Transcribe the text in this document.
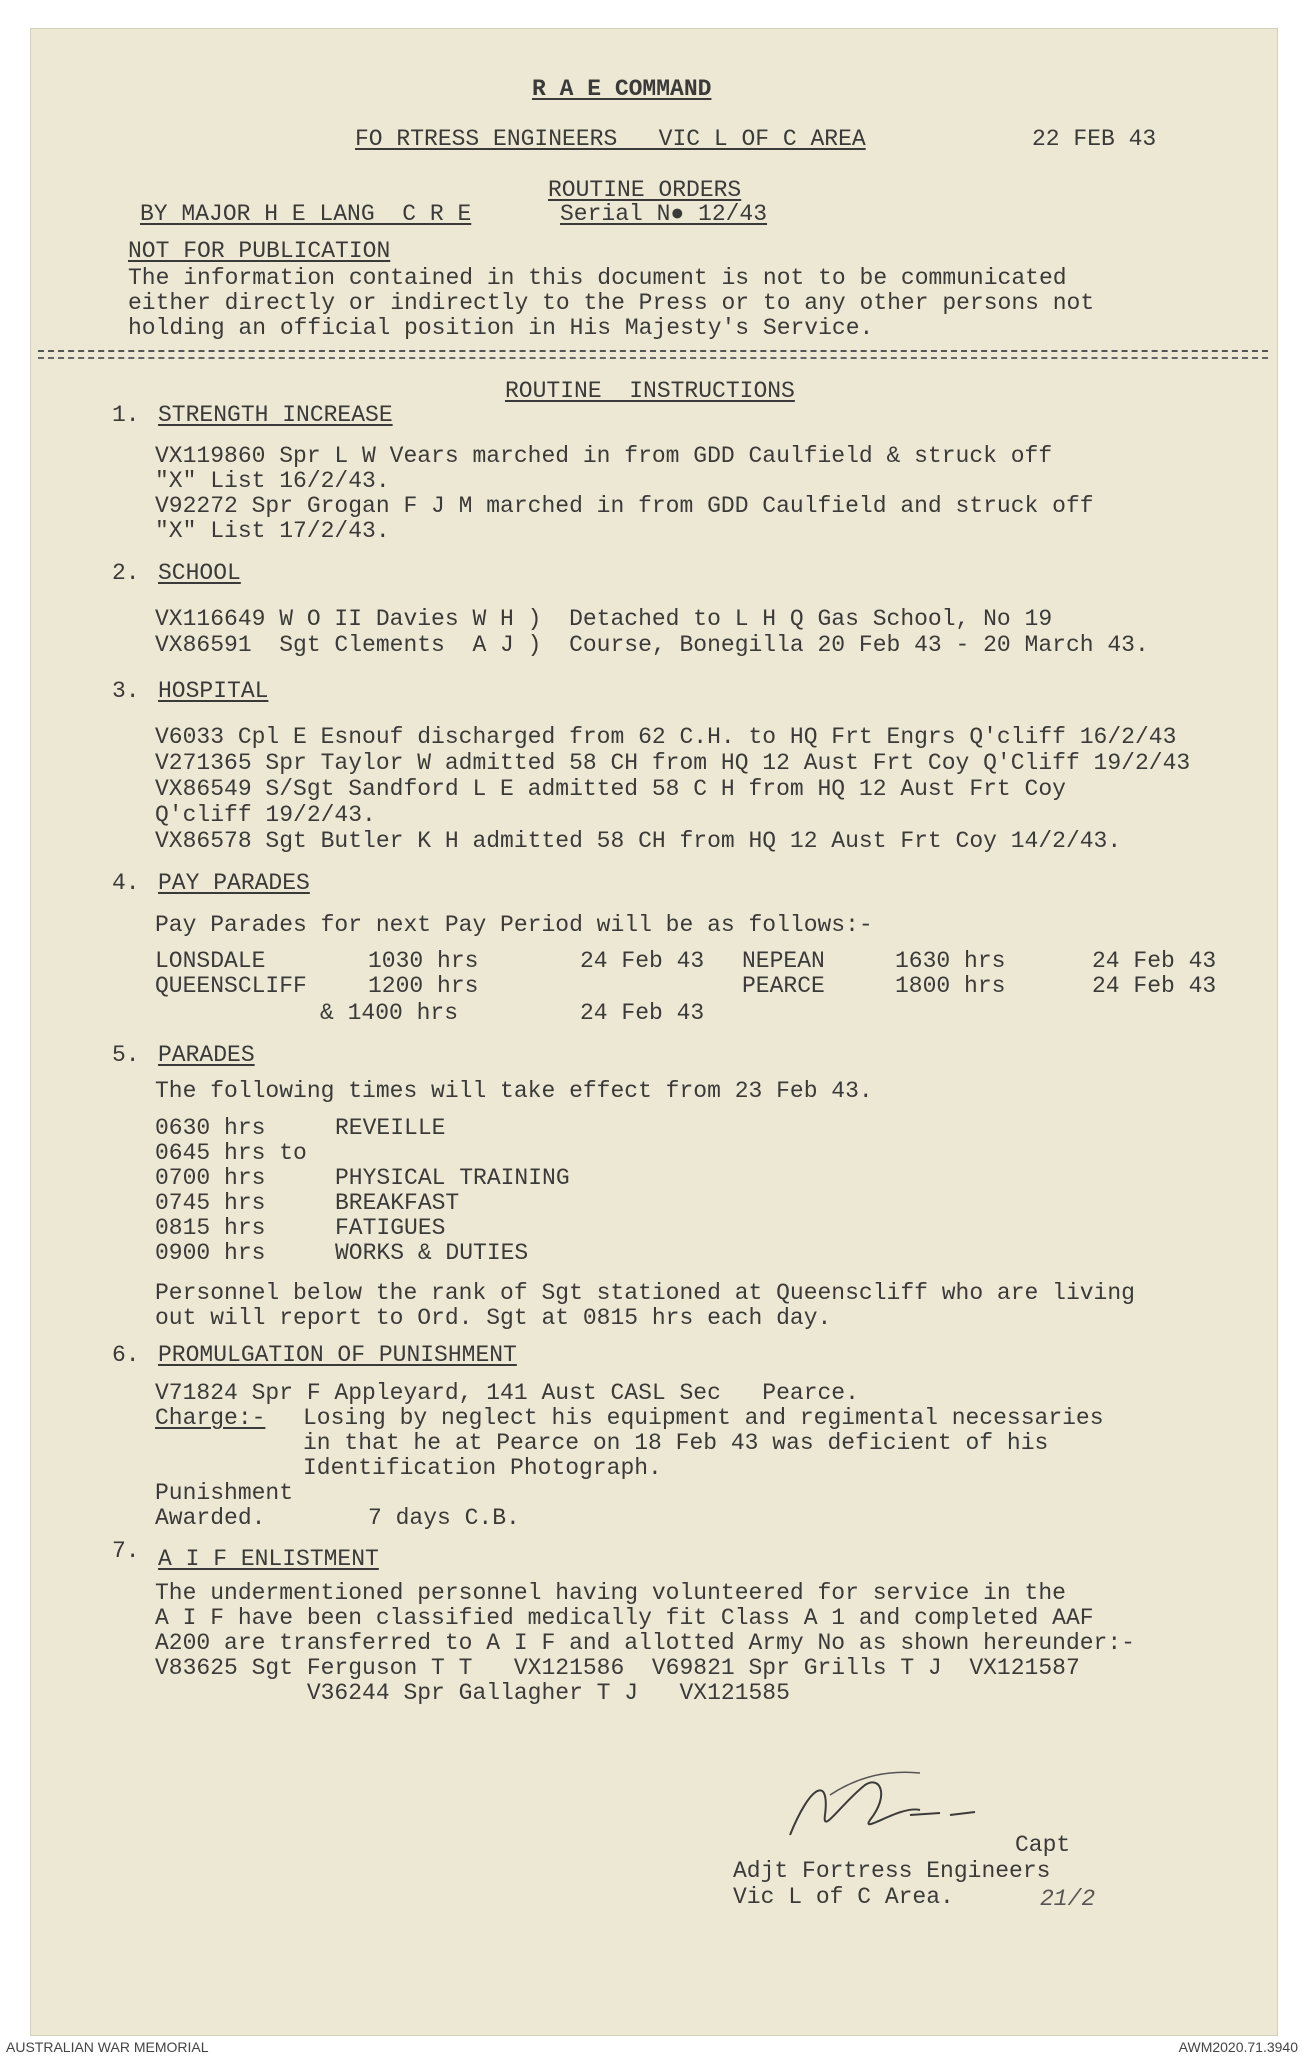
R A E COMMAND
FO RTRESS ENGINEERS   VIC L OF C AREA	22 FEB 43
ROUTINE ORDERS
BY MAJOR H E LANG  C R E	Serial N● 12/43
NOT FOR PUBLICATION
The information contained in this document is not to be communicated
either directly or indirectly to the Press or to any other persons not
holding an official position in His Majesty's Service.
ROUTINE  INSTRUCTIONS
1. STRENGTH INCREASE
VX119860 Spr L W Vears marched in from GDD Caulfield & struck off
"X" List 16/2/43.
V92272 Spr Grogan F J M marched in from GDD Caulfield and struck off
"X" List 17/2/43.
2. SCHOOL
VX116649 W O II Davies W H )  Detached to L H Q Gas School, No 19
VX86591  Sgt Clements  A J )  Course, Bonegilla 20 Feb 43 - 20 March 43.
3. HOSPITAL
V6033 Cpl E Esnouf discharged from 62 C.H. to HQ Frt Engrs Q'cliff 16/2/43
V271365 Spr Taylor W admitted 58 CH from HQ 12 Aust Frt Coy Q'Cliff 19/2/43
VX86549 S/Sgt Sandford L E admitted 58 C H from HQ 12 Aust Frt Coy
Q'cliff 19/2/43.
VX86578 Sgt Butler K H admitted 58 CH from HQ 12 Aust Frt Coy 14/2/43.
4. PAY PARADES
Pay Parades for next Pay Period will be as follows:-
LONSDALE	1030 hrs	24 Feb 43 NEPEAN	1630 hrs	24 Feb 43
QUEENSCLIFF	1200 hrs	PEARCE	1800 hrs	24 Feb 43
& 1400 hrs	24 Feb 43
5. PARADES
The following times will take effect from 23 Feb 43.
0630 hrs	REVEILLE
0645 hrs to
0700 hrs	PHYSICAL TRAINING
0745 hrs	BREAKFAST
0815 hrs	FATIGUES
0900 hrs	WORKS & DUTIES
Personnel below the rank of Sgt stationed at Queenscliff who are living
out will report to Ord. Sgt at 0815 hrs each day.
6. PROMULGATION OF PUNISHMENT
V71824 Spr F Appleyard, 141 Aust CASL Sec   Pearce.
Charge:- Losing by neglect his equipment and regimental necessaries
in that he at Pearce on 18 Feb 43 was deficient of his
Identification Photograph.
Punishment
Awarded.	7 days C.B.
7. A I F ENLISTMENT
The undermentioned personnel having volunteered for service in the
A I F have been classified medically fit Class A 1 and completed AAF
A200 are transferred to A I F and allotted Army No as shown hereunder:-
V83625 Sgt Ferguson T T   VX121586  V69821 Spr Grills T J  VX121587
V36244 Spr Gallagher T J   VX121585
Capt
Adjt Fortress Engineers
Vic L of C Area.	21/2
AUSTRALIAN WAR MEMORIAL	AWM2020.71.3940
